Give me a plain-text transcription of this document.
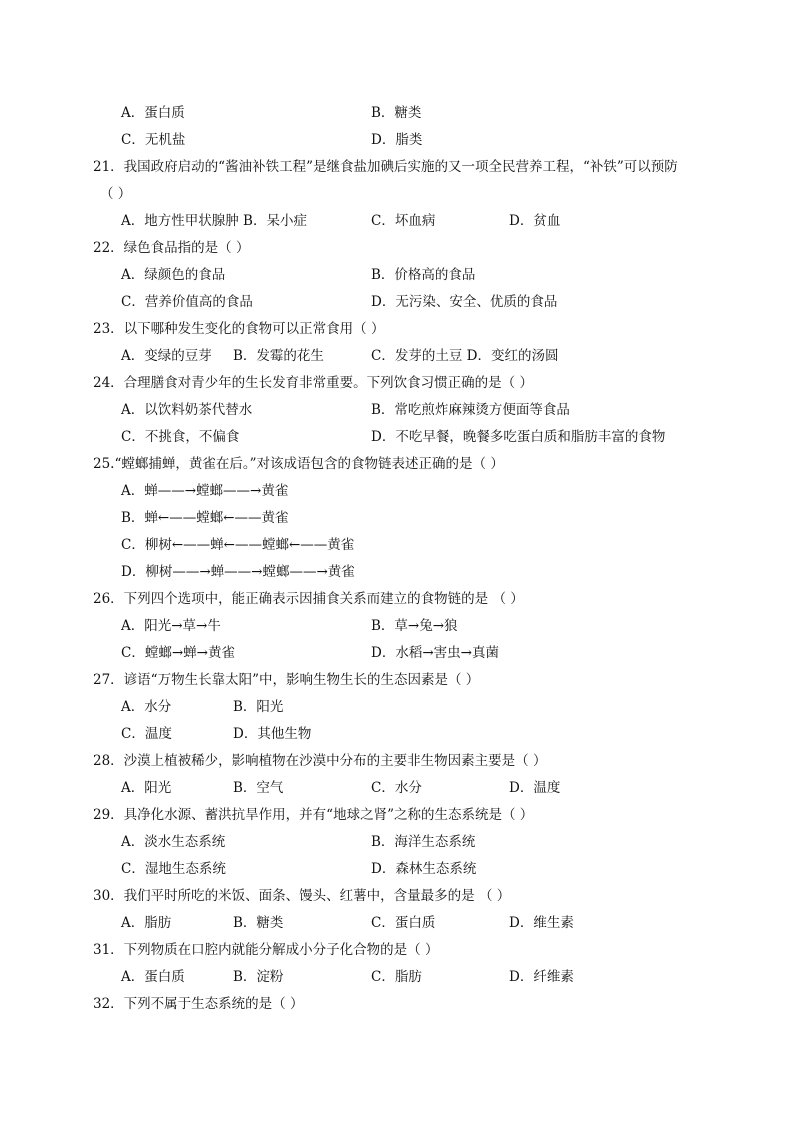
A．蛋白质	B．糖类
C．无机盐	D．脂类
21．我国政府启动的“酱油补铁工程”是继食盐加碘后实施的又一项全民营养工程，“补铁”可以预防
（ ）
A．地方性甲状腺肿 B．呆小症	C．坏血病	D．贫血
22．绿色食品指的是（ ）
A．绿颜色的食品	B．价格高的食品
C．营养价值高的食品	D．无污染、安全、优质的食品
23．以下哪种发生变化的食物可以正常食用（ ）
A．变绿的豆芽 B．发霉的花生	C．发芽的土豆 D．变红的汤圆
24．合理膳食对青少年的生长发育非常重要。下列饮食习惯正确的是（ ）
A．以饮料奶茶代替水	B．常吃煎炸麻辣烫方便面等食品
C．不挑食，不偏食	D．不吃早餐，晚餐多吃蛋白质和脂肪丰富的食物
25.“螳螂捕蝉，黄雀在后。”对该成语包含的食物链表述正确的是（ ）
A．蝉——→螳螂——→黄雀
B．蝉←——螳螂←——黄雀
C．柳树←——蝉←——螳螂←——黄雀
D．柳树——→蝉——→螳螂——→黄雀
26．下列四个选项中，能正确表示因捕食关系而建立的食物链的是 （ ）
A．阳光→草→牛	B．草→兔→狼
C．螳螂→蝉→黄雀	D．水稻→害虫→真菌
27．谚语“万物生长靠太阳”中，影响生物生长的生态因素是（ ）
A．水分	B．阳光
C．温度	D．其他生物
28．沙漠上植被稀少，影响植物在沙漠中分布的主要非生物因素主要是（ ）
A．阳光	B．空气	C．水分	D．温度
29．具净化水源、蓄洪抗旱作用，并有“地球之肾”之称的生态系统是（ ）
A．淡水生态系统	B．海洋生态系统
C．湿地生态系统	D．森林生态系统
30．我们平时所吃的米饭、面条、馒头、红薯中，含量最多的是 （ ）
A．脂肪	B．糖类	C．蛋白质	D．维生素
31．下列物质在口腔内就能分解成小分子化合物的是（ ）
A．蛋白质	B．淀粉	C．脂肪	D．纤维素
32．下列不属于生态系统的是（ ）
